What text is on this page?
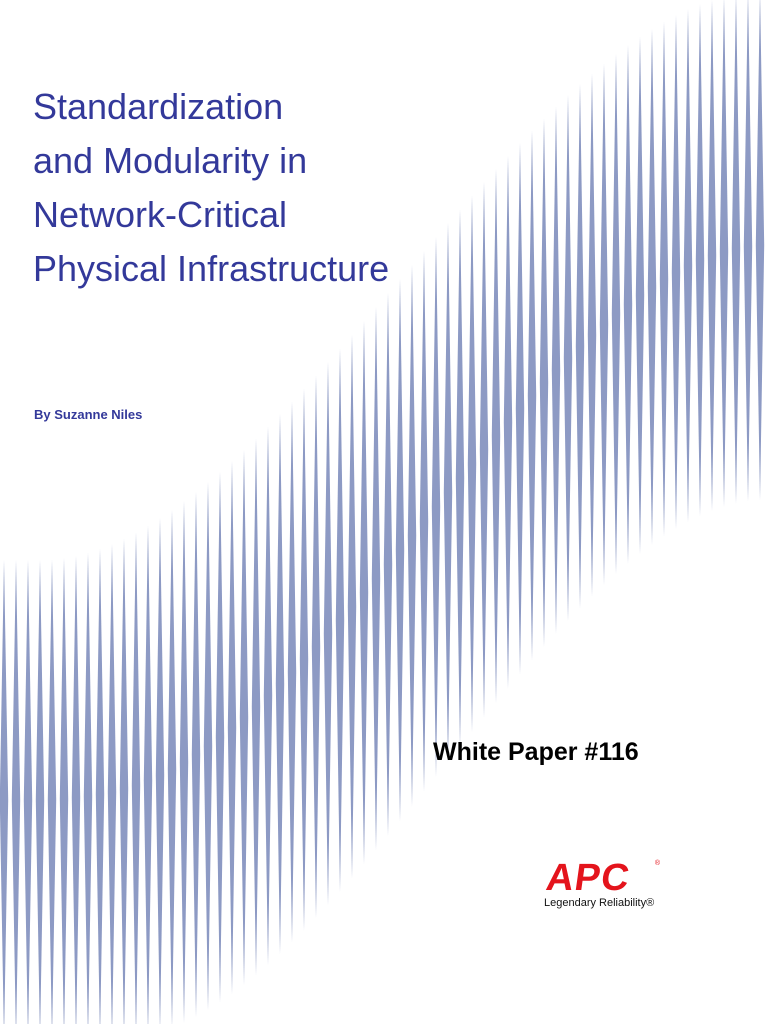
Standardization
and Modularity in
Network-Critical
Physical Infrastructure
By Suzanne Niles
White Paper #116
®
APC
Legendary Reliability®
